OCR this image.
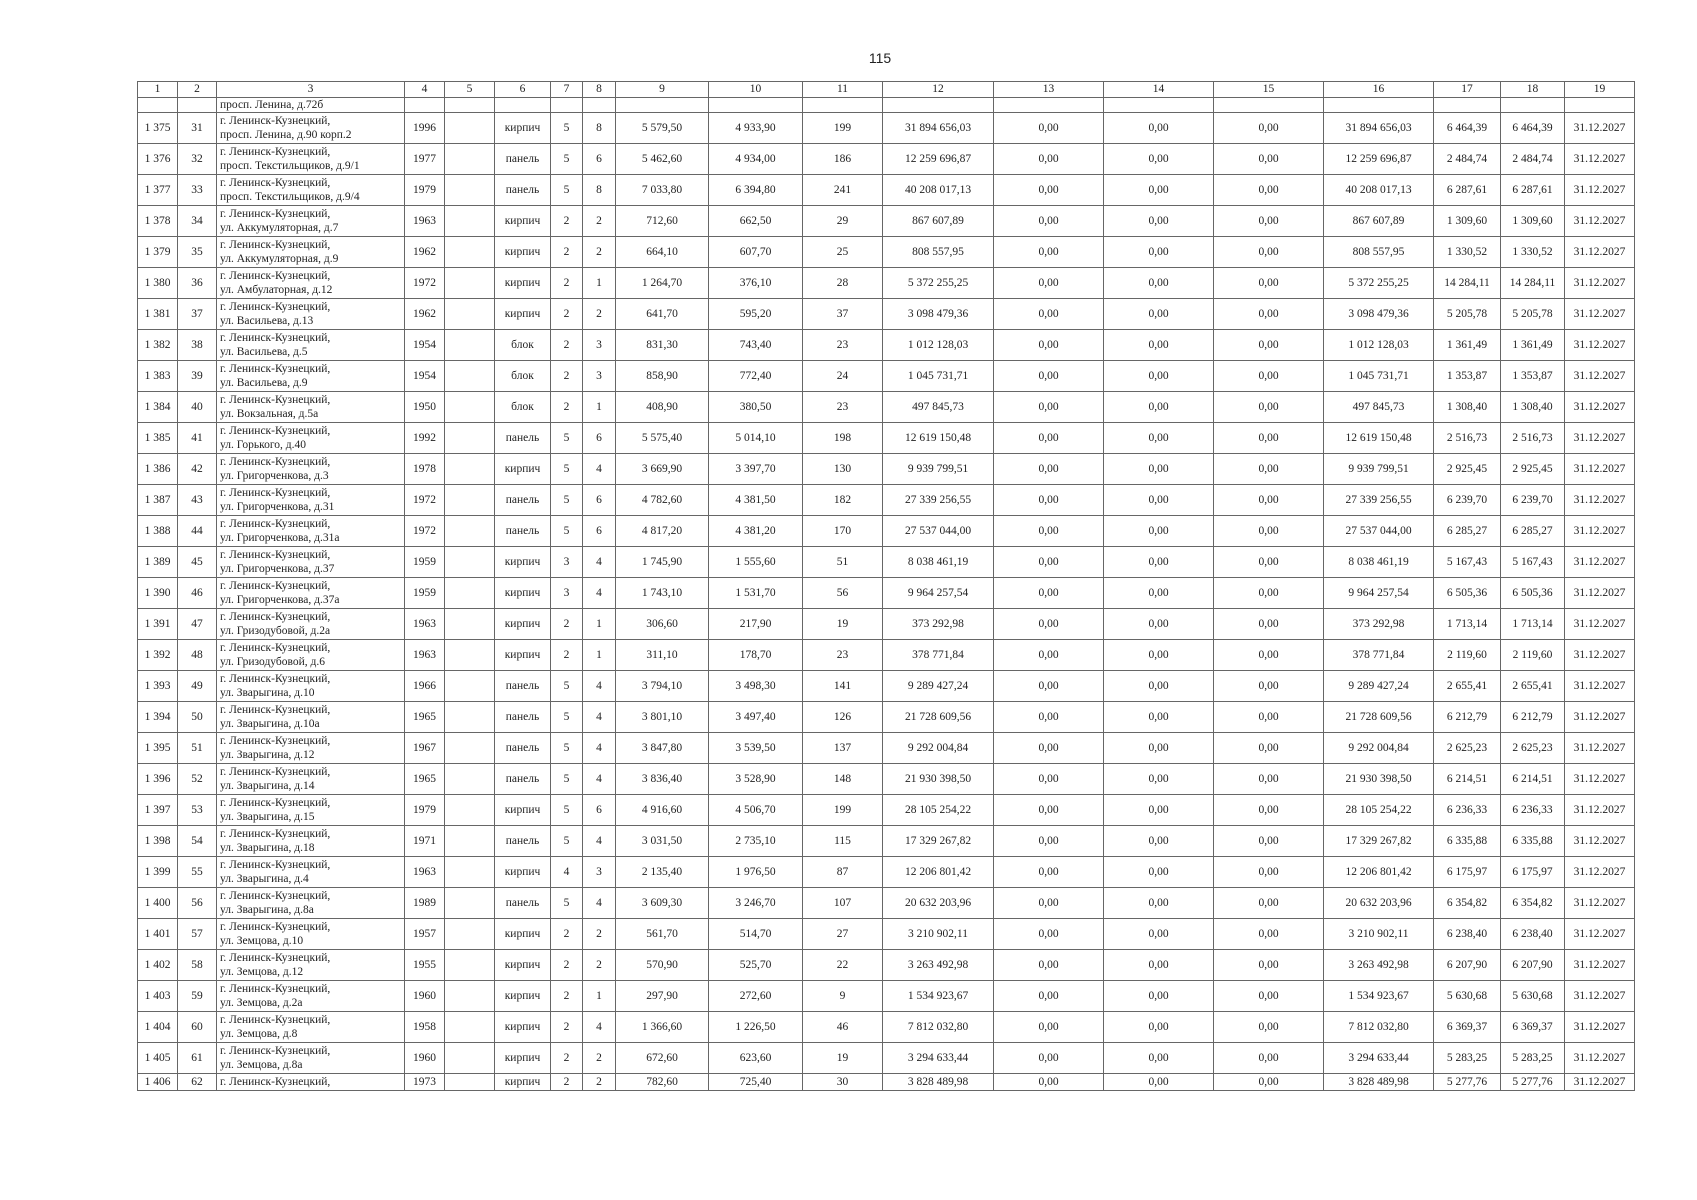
115
1	2	3	4	5	6	7	8	9	10	11	12	13	14	15	16	17	18	19
		просп. Ленина, д.72б																
1 375	31	г. Ленинск-Кузнецкий,
просп. Ленина, д.90 корп.2	1996		кирпич	5	8	5 579,50	4 933,90	199	31 894 656,03	0,00	0,00	0,00	31 894 656,03	6 464,39	6 464,39	31.12.2027
1 376	32	г. Ленинск-Кузнецкий,
просп. Текстильщиков, д.9/1	1977		панель	5	6	5 462,60	4 934,00	186	12 259 696,87	0,00	0,00	0,00	12 259 696,87	2 484,74	2 484,74	31.12.2027
1 377	33	г. Ленинск-Кузнецкий,
просп. Текстильщиков, д.9/4	1979		панель	5	8	7 033,80	6 394,80	241	40 208 017,13	0,00	0,00	0,00	40 208 017,13	6 287,61	6 287,61	31.12.2027
1 378	34	г. Ленинск-Кузнецкий,
ул. Аккумуляторная, д.7	1963		кирпич	2	2	712,60	662,50	29	867 607,89	0,00	0,00	0,00	867 607,89	1 309,60	1 309,60	31.12.2027
1 379	35	г. Ленинск-Кузнецкий,
ул. Аккумуляторная, д.9	1962		кирпич	2	2	664,10	607,70	25	808 557,95	0,00	0,00	0,00	808 557,95	1 330,52	1 330,52	31.12.2027
1 380	36	г. Ленинск-Кузнецкий,
ул. Амбулаторная, д.12	1972		кирпич	2	1	1 264,70	376,10	28	5 372 255,25	0,00	0,00	0,00	5 372 255,25	14 284,11	14 284,11	31.12.2027
1 381	37	г. Ленинск-Кузнецкий,
ул. Васильева, д.13	1962		кирпич	2	2	641,70	595,20	37	3 098 479,36	0,00	0,00	0,00	3 098 479,36	5 205,78	5 205,78	31.12.2027
1 382	38	г. Ленинск-Кузнецкий,
ул. Васильева, д.5	1954		блок	2	3	831,30	743,40	23	1 012 128,03	0,00	0,00	0,00	1 012 128,03	1 361,49	1 361,49	31.12.2027
1 383	39	г. Ленинск-Кузнецкий,
ул. Васильева, д.9	1954		блок	2	3	858,90	772,40	24	1 045 731,71	0,00	0,00	0,00	1 045 731,71	1 353,87	1 353,87	31.12.2027
1 384	40	г. Ленинск-Кузнецкий,
ул. Вокзальная, д.5а	1950		блок	2	1	408,90	380,50	23	497 845,73	0,00	0,00	0,00	497 845,73	1 308,40	1 308,40	31.12.2027
1 385	41	г. Ленинск-Кузнецкий,
ул. Горького, д.40	1992		панель	5	6	5 575,40	5 014,10	198	12 619 150,48	0,00	0,00	0,00	12 619 150,48	2 516,73	2 516,73	31.12.2027
1 386	42	г. Ленинск-Кузнецкий,
ул. Григорченкова, д.3	1978		кирпич	5	4	3 669,90	3 397,70	130	9 939 799,51	0,00	0,00	0,00	9 939 799,51	2 925,45	2 925,45	31.12.2027
1 387	43	г. Ленинск-Кузнецкий,
ул. Григорченкова, д.31	1972		панель	5	6	4 782,60	4 381,50	182	27 339 256,55	0,00	0,00	0,00	27 339 256,55	6 239,70	6 239,70	31.12.2027
1 388	44	г. Ленинск-Кузнецкий,
ул. Григорченкова, д.31а	1972		панель	5	6	4 817,20	4 381,20	170	27 537 044,00	0,00	0,00	0,00	27 537 044,00	6 285,27	6 285,27	31.12.2027
1 389	45	г. Ленинск-Кузнецкий,
ул. Григорченкова, д.37	1959		кирпич	3	4	1 745,90	1 555,60	51	8 038 461,19	0,00	0,00	0,00	8 038 461,19	5 167,43	5 167,43	31.12.2027
1 390	46	г. Ленинск-Кузнецкий,
ул. Григорченкова, д.37а	1959		кирпич	3	4	1 743,10	1 531,70	56	9 964 257,54	0,00	0,00	0,00	9 964 257,54	6 505,36	6 505,36	31.12.2027
1 391	47	г. Ленинск-Кузнецкий,
ул. Гризодубовой, д.2а	1963		кирпич	2	1	306,60	217,90	19	373 292,98	0,00	0,00	0,00	373 292,98	1 713,14	1 713,14	31.12.2027
1 392	48	г. Ленинск-Кузнецкий,
ул. Гризодубовой, д.6	1963		кирпич	2	1	311,10	178,70	23	378 771,84	0,00	0,00	0,00	378 771,84	2 119,60	2 119,60	31.12.2027
1 393	49	г. Ленинск-Кузнецкий,
ул. Зварыгина, д.10	1966		панель	5	4	3 794,10	3 498,30	141	9 289 427,24	0,00	0,00	0,00	9 289 427,24	2 655,41	2 655,41	31.12.2027
1 394	50	г. Ленинск-Кузнецкий,
ул. Зварыгина, д.10а	1965		панель	5	4	3 801,10	3 497,40	126	21 728 609,56	0,00	0,00	0,00	21 728 609,56	6 212,79	6 212,79	31.12.2027
1 395	51	г. Ленинск-Кузнецкий,
ул. Зварыгина, д.12	1967		панель	5	4	3 847,80	3 539,50	137	9 292 004,84	0,00	0,00	0,00	9 292 004,84	2 625,23	2 625,23	31.12.2027
1 396	52	г. Ленинск-Кузнецкий,
ул. Зварыгина, д.14	1965		панель	5	4	3 836,40	3 528,90	148	21 930 398,50	0,00	0,00	0,00	21 930 398,50	6 214,51	6 214,51	31.12.2027
1 397	53	г. Ленинск-Кузнецкий,
ул. Зварыгина, д.15	1979		кирпич	5	6	4 916,60	4 506,70	199	28 105 254,22	0,00	0,00	0,00	28 105 254,22	6 236,33	6 236,33	31.12.2027
1 398	54	г. Ленинск-Кузнецкий,
ул. Зварыгина, д.18	1971		панель	5	4	3 031,50	2 735,10	115	17 329 267,82	0,00	0,00	0,00	17 329 267,82	6 335,88	6 335,88	31.12.2027
1 399	55	г. Ленинск-Кузнецкий,
ул. Зварыгина, д.4	1963		кирпич	4	3	2 135,40	1 976,50	87	12 206 801,42	0,00	0,00	0,00	12 206 801,42	6 175,97	6 175,97	31.12.2027
1 400	56	г. Ленинск-Кузнецкий,
ул. Зварыгина, д.8а	1989		панель	5	4	3 609,30	3 246,70	107	20 632 203,96	0,00	0,00	0,00	20 632 203,96	6 354,82	6 354,82	31.12.2027
1 401	57	г. Ленинск-Кузнецкий,
ул. Земцова, д.10	1957		кирпич	2	2	561,70	514,70	27	3 210 902,11	0,00	0,00	0,00	3 210 902,11	6 238,40	6 238,40	31.12.2027
1 402	58	г. Ленинск-Кузнецкий,
ул. Земцова, д.12	1955		кирпич	2	2	570,90	525,70	22	3 263 492,98	0,00	0,00	0,00	3 263 492,98	6 207,90	6 207,90	31.12.2027
1 403	59	г. Ленинск-Кузнецкий,
ул. Земцова, д.2а	1960		кирпич	2	1	297,90	272,60	9	1 534 923,67	0,00	0,00	0,00	1 534 923,67	5 630,68	5 630,68	31.12.2027
1 404	60	г. Ленинск-Кузнецкий,
ул. Земцова, д.8	1958		кирпич	2	4	1 366,60	1 226,50	46	7 812 032,80	0,00	0,00	0,00	7 812 032,80	6 369,37	6 369,37	31.12.2027
1 405	61	г. Ленинск-Кузнецкий,
ул. Земцова, д.8а	1960		кирпич	2	2	672,60	623,60	19	3 294 633,44	0,00	0,00	0,00	3 294 633,44	5 283,25	5 283,25	31.12.2027
1 406	62	г. Ленинск-Кузнецкий,	1973		кирпич	2	2	782,60	725,40	30	3 828 489,98	0,00	0,00	0,00	3 828 489,98	5 277,76	5 277,76	31.12.2027
